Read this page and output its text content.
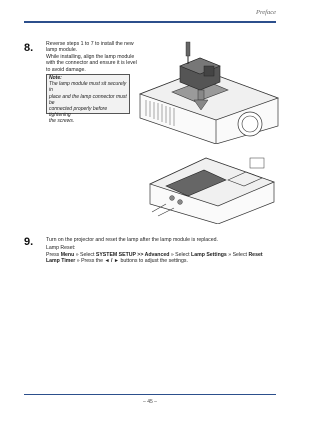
Preface
8. Reverse steps 1 to 7 to install the new
lamp module.
While installing, align the lamp module
with the connector and ensure it is level
to avoid damage.
Note:
The lamp module must sit securely in
place and the lamp connector must be
connected properly before tightening
the screws.
9. Turn on the projector and reset the lamp after the lamp module is replaced.
Lamp Reset:
Press Menu » Select SYSTEM SETUP >> Advanced » Select Lamp Settings » Select Reset
Lamp Timer » Press the ◄ / ► buttons to adjust the settings.
– 45 –
